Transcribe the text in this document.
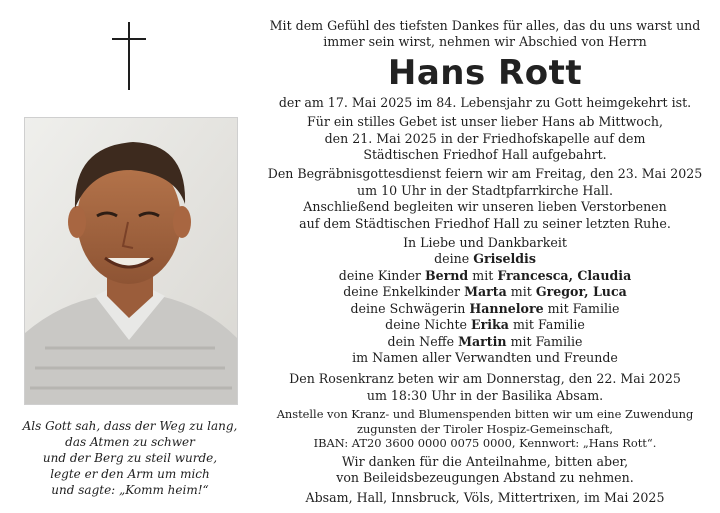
Als Gott sah, dass der Weg zu lang,
das Atmen zu schwer
und der Berg zu steil wurde,
legte er den Arm um mich
und sagte: „Komm heim!“
Mit dem Gefühl des tiefsten Dankes für alles, das du uns warst und
immer sein wirst, nehmen wir Abschied von Herrn
Hans Rott
der am 17. Mai 2025 im 84. Lebensjahr zu Gott heimgekehrt ist.
Für ein stilles Gebet ist unser lieber Hans ab Mittwoch,
den 21. Mai 2025 in der Friedhofskapelle auf dem
Städtischen Friedhof Hall aufgebahrt.
Den Begräbnisgottesdienst feiern wir am Freitag, den 23. Mai 2025
um 10 Uhr in der Stadtpfarrkirche Hall.
Anschließend begleiten wir unseren lieben Verstorbenen
auf dem Städtischen Friedhof Hall zu seiner letzten Ruhe.
In Liebe und Dankbarkeit
deine Griseldis
deine Kinder Bernd mit Francesca, Claudia
deine Enkelkinder Marta mit Gregor, Luca
deine Schwägerin Hannelore mit Familie
deine Nichte Erika mit Familie
dein Neffe Martin mit Familie
im Namen aller Verwandten und Freunde
Den Rosenkranz beten wir am Donnerstag, den 22. Mai 2025
um 18:30 Uhr in der Basilika Absam.
Anstelle von Kranz- und Blumenspenden bitten wir um eine Zuwendung
zugunsten der Tiroler Hospiz-Gemeinschaft,
IBAN: AT20 3600 0000 0075 0000, Kennwort: „Hans Rott“.
Wir danken für die Anteilnahme, bitten aber,
von Beileidsbezeugungen Abstand zu nehmen.
Absam, Hall, Innsbruck, Völs, Mittertrixen, im Mai 2025
